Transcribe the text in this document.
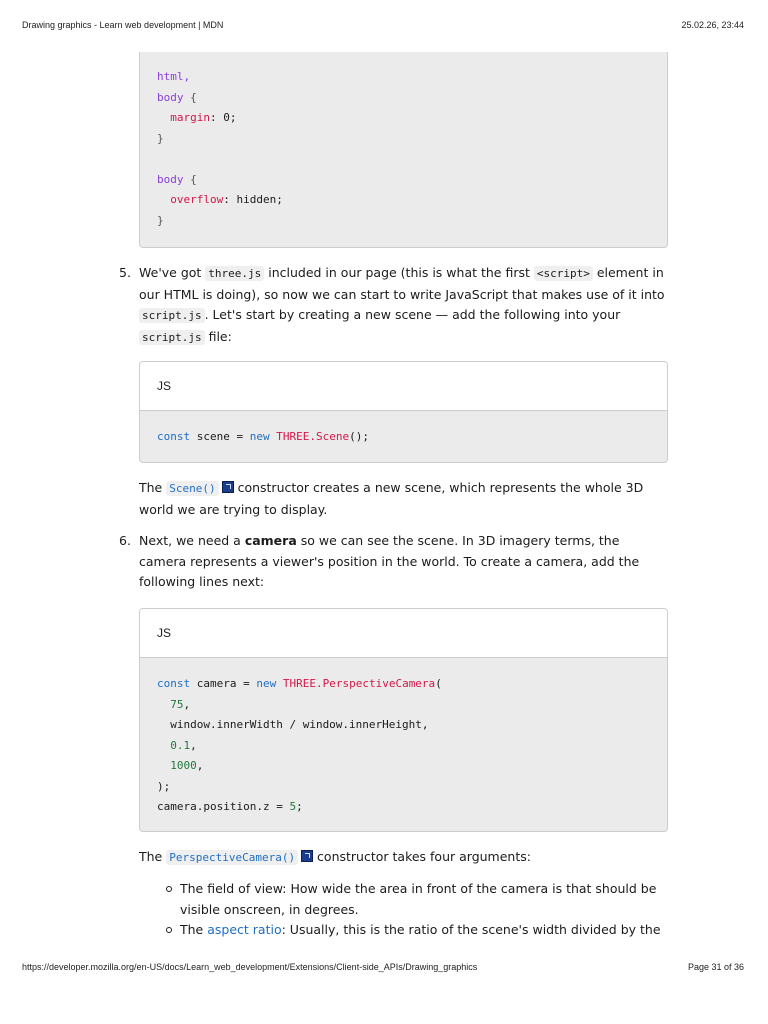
Drawing graphics - Learn web development | MDN	25.02.26, 23:44
html,
body {
margin: 0;
}

body {
overflow: hidden;
}
5. We've got three.js included in our page (this is what the first <script> element in our HTML is doing), so now we can start to write JavaScript that makes use of it into script.js . Let's start by creating a new scene — add the following into your script.js file:
JS
const scene = new THREE.Scene();
The Scene() constructor creates a new scene, which represents the whole 3D world we are trying to display.
6. Next, we need a camera so we can see the scene. In 3D imagery terms, the camera represents a viewer's position in the world. To create a camera, add the following lines next:
JS
const camera = new THREE.PerspectiveCamera(
75,
window.innerWidth / window.innerHeight,
0.1,
1000,
);
camera.position.z = 5;
The PerspectiveCamera() constructor takes four arguments:
The field of view: How wide the area in front of the camera is that should be visible onscreen, in degrees.
The aspect ratio: Usually, this is the ratio of the scene's width divided by the
https://developer.mozilla.org/en-US/docs/Learn_web_development/Extensions/Client-side_APIs/Drawing_graphics	Page 31 of 36
